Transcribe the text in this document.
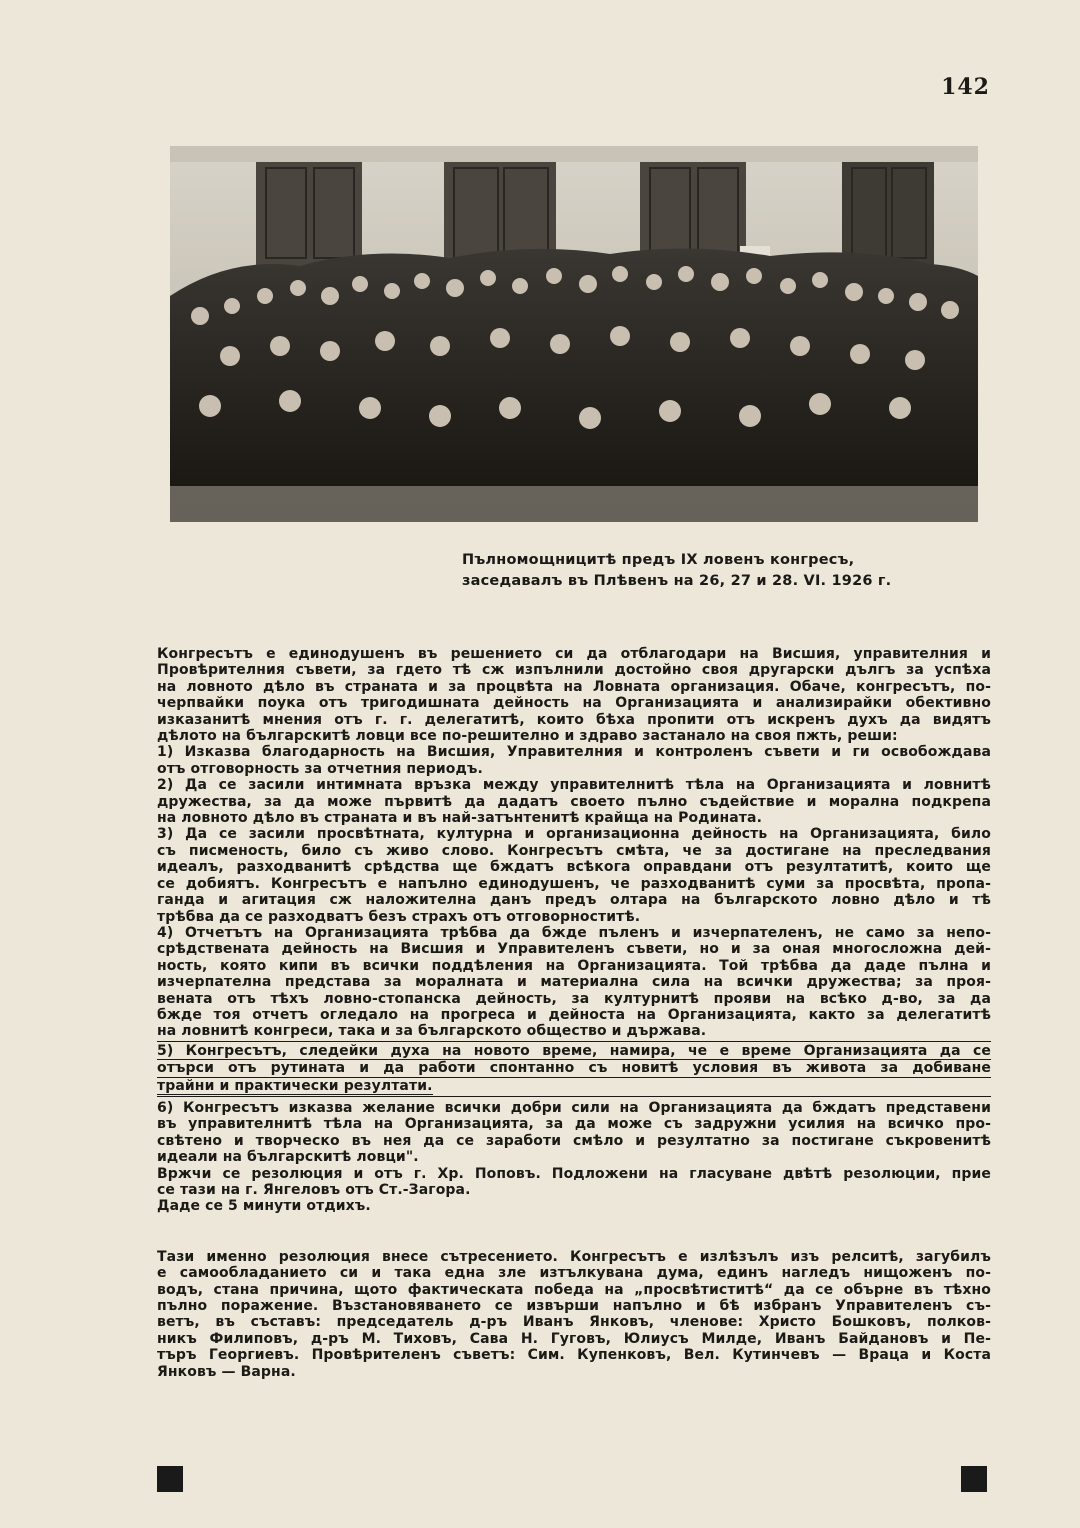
142
Пълномощницитѣ предъ IX ловенъ конгресъ,
заседавалъ въ Плѣвенъ на 26, 27 и 28. VI. 1926 г.
Конгресътъ е единодушенъ въ решението си да отблагодари на Висшия, управителния и
Провѣрителния съвети, за гдето тѣ сж изпълнили достойно своя другарски дългъ за успѣха
на ловното дѣло въ страната и за процвѣта на Ловната организация. Обаче, конгресътъ, по-
черпвайки поука отъ тригодишната дейность на Организацията и анализирайки обективно
изказанитѣ мнения отъ г. г. делегатитѣ, които бѣха пропити отъ искренъ духъ да видятъ
дѣлото на българскитѣ ловци все по-решително и здраво застанало на своя пжть, реши:
1) Изказва благодарность на Висшия, Управителния и контроленъ съвети и ги освобождава
отъ отговорность за отчетния периодъ.
2) Да се засили интимната връзка между управителнитѣ тѣла на Организацията и ловнитѣ
дружества, за да може първитѣ да дадатъ своето пълно съдействие и морална подкрепа
на ловното дѣло въ страната и въ най-затънтенитѣ крайща на Родината.
3) Да се засили просвѣтната, културна и организационна дейность на Организацията, било
съ писменость, било съ живо слово. Конгресътъ смѣта, че за достигане на преследвания
идеалъ, разходванитѣ срѣдства ще бждатъ всѣкога оправдани отъ резултатитѣ, които ще
се добиятъ. Конгресътъ е напълно единодушенъ, че разходванитѣ суми за просвѣта, пропа-
ганда и агитация сж наложителна данъ предъ олтара на българското ловно дѣло и тѣ
трѣбва да се разходватъ безъ страхъ отъ отговорноститѣ.
4) Отчетътъ на Организацията трѣбва да бжде пъленъ и изчерпателенъ, не само за непо-
срѣдствената дейность на Висшия и Управителенъ съвети, но и за оная многосложна дей-
ность, която кипи въ всички поддѣления на Организацията. Той трѣбва да даде пълна и
изчерпателна представа за моралната и материална сила на всички дружества; за проя-
вената отъ тѣхъ ловно-стопанска дейность, за културнитѣ прояви на всѣко д-во, за да
бжде тоя отчетъ огледало на прогреса и дейноста на Организацията, както за делегатитѣ
на ловнитѣ конгреси, така и за българското общество и държава.
5) Конгресътъ, следейки духа на новото време, намира, че е време Организацията да се
отърси отъ рутината и да работи спонтанно съ новитѣ условия въ живота за добиване
трайни и практически резултати.
6) Конгресътъ изказва желание всички добри сили на Организацията да бждатъ представени
въ управителнитѣ тѣла на Организацията, за да може съ задружни усилия на всичко про-
свѣтено и творческо въ нея да се заработи смѣло и резултатно за постигане съкровенитѣ
идеали на българскитѣ ловци".
Вржчи се резолюция и отъ г. Хр. Поповъ. Подложени на гласуване двѣтѣ резолюции, прие
се тази на г. Янгеловъ отъ Ст.-Загора.
Даде се 5 минути отдихъ.
Тази именно резолюция внесе сътресението. Конгресътъ е излѣзълъ изъ релситѣ, загубилъ
е самообладанието си и така една зле изтълкувана дума, единъ нагледъ нищоженъ по-
водъ, стана причина, щото фактическата победа на „просвѣтиститѣ“ да се обърне въ тѣхно
пълно поражение. Възстановяването се извърши напълно и бѣ избранъ Управителенъ съ-
ветъ, въ съставъ: председатель д-ръ Иванъ Янковъ, членове: Христо Бошковъ, полков-
никъ Филиповъ, д-ръ М. Тиховъ, Сава Н. Гуговъ, Юлиусъ Милде, Иванъ Байдановъ и Пе-
търъ Георгиевъ. Провѣрителенъ съветъ: Сим. Купенковъ, Вел. Кутинчевъ — Враца и Коста
Янковъ — Варна.
